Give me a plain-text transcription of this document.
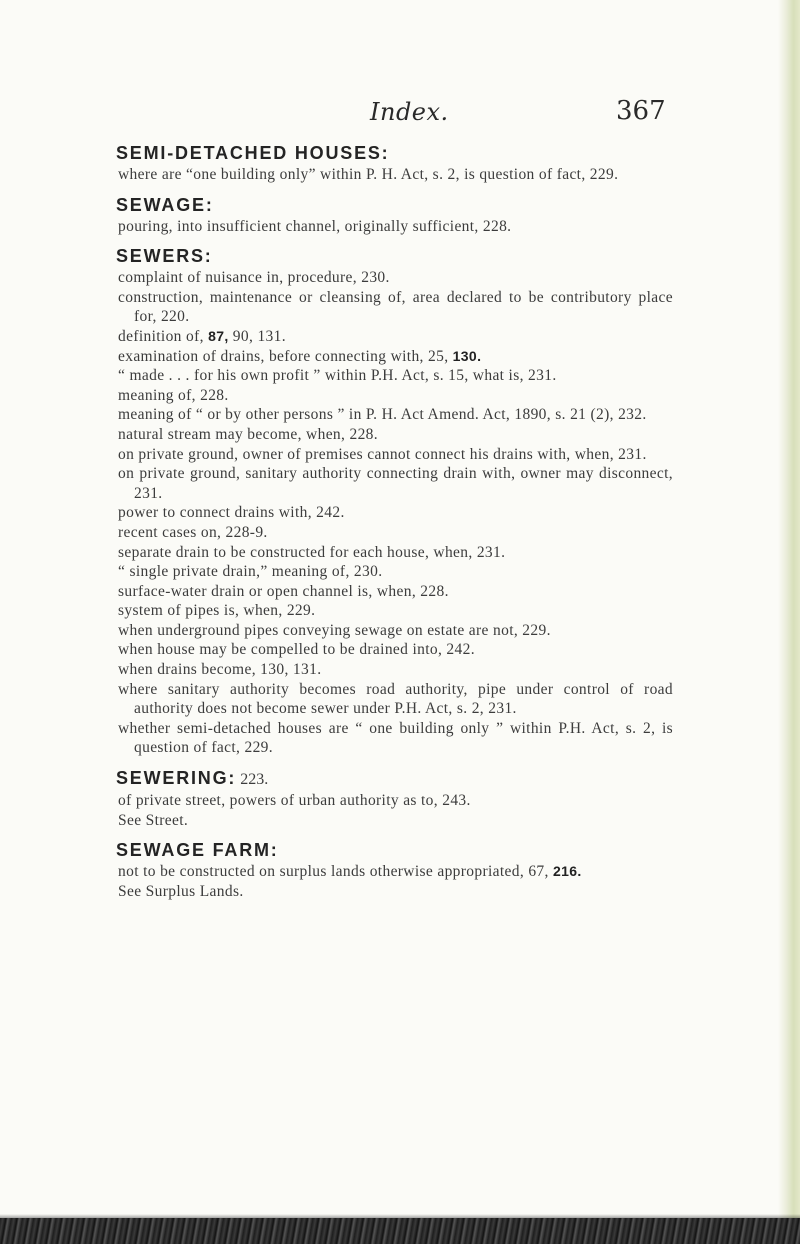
Index.	367
SEMI-DETACHED HOUSES:
where are “one building only” within P. H. Act, s. 2, is question of fact, 229.
SEWAGE:
pouring, into insufficient channel, originally sufficient, 228.
SEWERS:
complaint of nuisance in, procedure, 230.
construction, maintenance or cleansing of, area declared to be contributory place for, 220.
definition of, 87, 90, 131.
examination of drains, before connecting with, 25, 130.
“ made . . . for his own profit ” within P.H. Act, s. 15, what is, 231.
meaning of, 228.
meaning of “ or by other persons ” in P. H. Act Amend. Act, 1890, s. 21 (2), 232.
natural stream may become, when, 228.
on private ground, owner of premises cannot connect his drains with, when, 231.
on private ground, sanitary authority connecting drain with, owner may disconnect, 231.
power to connect drains with, 242.
recent cases on, 228-9.
separate drain to be constructed for each house, when, 231.
“ single private drain,” meaning of, 230.
surface-water drain or open channel is, when, 228.
system of pipes is, when, 229.
when underground pipes conveying sewage on estate are not, 229.
when house may be compelled to be drained into, 242.
when drains become, 130, 131.
where sanitary authority becomes road authority, pipe under control of road authority does not become sewer under P.H. Act, s. 2, 231.
whether semi-detached houses are “ one building only ” within P.H. Act, s. 2, is question of fact, 229.
SEWERING: 223.
of private street, powers of urban authority as to, 243.
See Street.
SEWAGE FARM:
not to be constructed on surplus lands otherwise appropriated, 67, 216.
See Surplus Lands.
